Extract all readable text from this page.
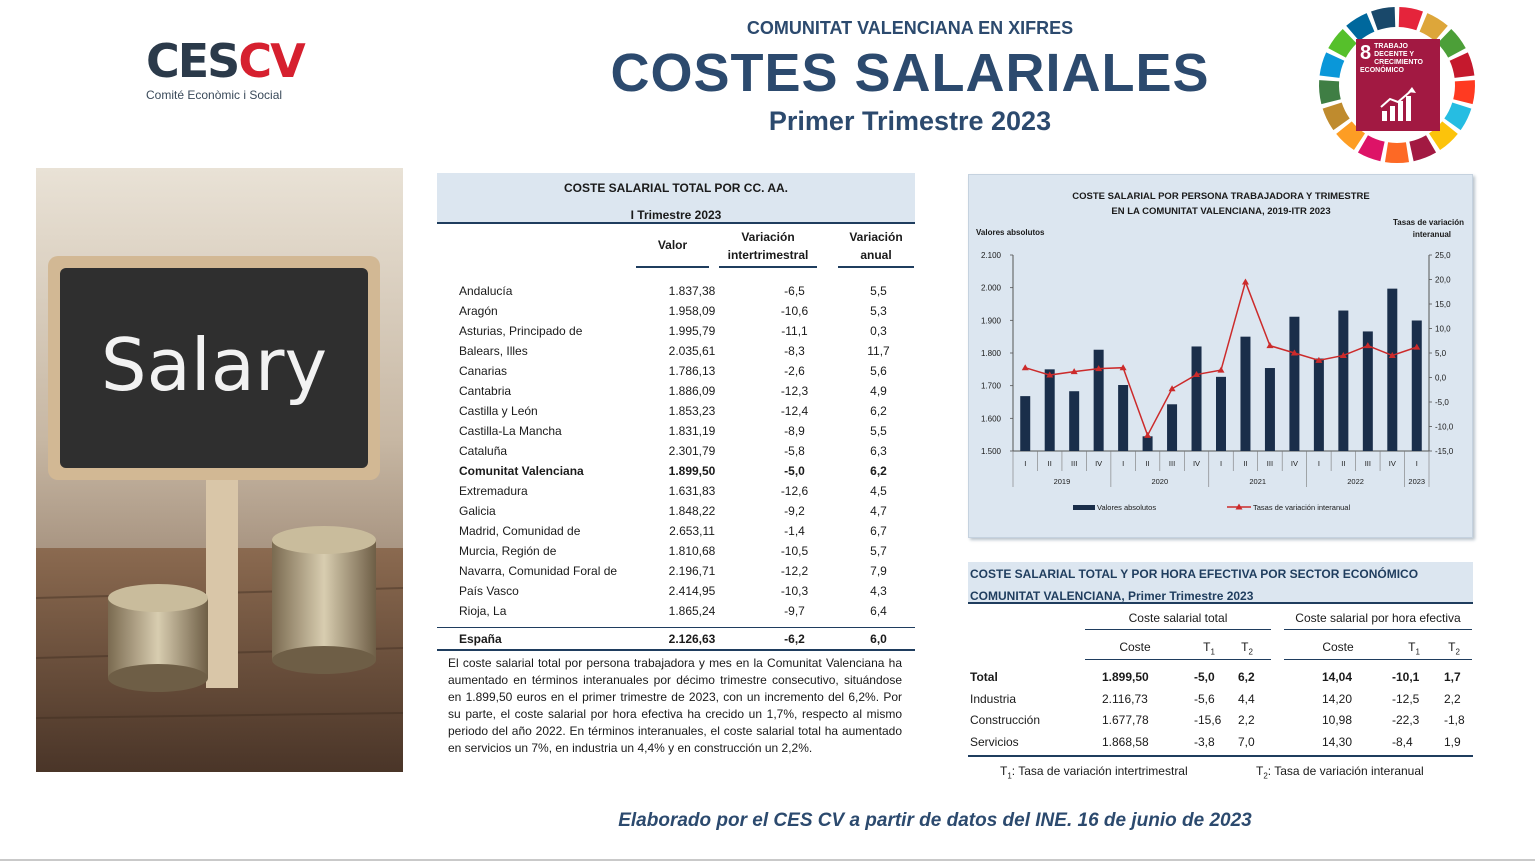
CESCV
Comité Econòmic i Social
COMUNITAT VALENCIANA EN XIFRES
COSTES SALARIALES
Primer Trimestre 2023
8 TRABAJO DECENTE Y CRECIMIENTO ECONÓMICO
Salary
COSTE SALARIAL TOTAL POR CC. AA.
I Trimestre 2023
Valor
Variación
intertrimestral
Variación
anual
Andalucía	1.837,38	-6,5	5,5
Aragón	1.958,09	-10,6	5,3
Asturias, Principado de	1.995,79	-11,1	0,3
Balears, Illes	2.035,61	-8,3	11,7
Canarias	1.786,13	-2,6	5,6
Cantabria	1.886,09	-12,3	4,9
Castilla y León	1.853,23	-12,4	6,2
Castilla-La Mancha	1.831,19	-8,9	5,5
Cataluña	2.301,79	-5,8	6,3
Comunitat Valenciana	1.899,50	-5,0	6,2
Extremadura	1.631,83	-12,6	4,5
Galicia	1.848,22	-9,2	4,7
Madrid, Comunidad de	2.653,11	-1,4	6,7
Murcia, Región de	1.810,68	-10,5	5,7
Navarra, Comunidad Foral de	2.196,71	-12,2	7,9
País Vasco	2.414,95	-10,3	4,3
Rioja, La	1.865,24	-9,7	6,4
España	2.126,63	-6,2	6,0
El coste salarial total por persona trabajadora y mes en la Comunitat Valenciana ha aumentado en términos interanuales por décimo trimestre consecutivo, situándose en 1.899,50 euros en el primer trimestre de 2023, con un incremento del 6,2%. Por su parte, el coste salarial por hora efectiva ha crecido un 1,7%, respecto al mismo periodo del año 2022. En términos interanuales, el coste salarial total ha aumentado en servicios un 7%, en industria un 4,4% y en construcción un 2,2%.
COSTE SALARIAL POR PERSONA TRABAJADORA Y TRIMESTRE
EN LA COMUNITAT VALENCIANA, 2019-ITR 2023
Valores absolutos
Tasas de variación
interanual
1.500
1.600
1.700
1.800
1.900
2.000
2.100
-15,0
-10,0
-5,0
0,0
5,0
10,0
15,0
20,0
25,0
I	II	III IV	I	II	III IV	I	II	III IV	I	II	III IV	I
2019	2020	2021	2022	2023
Valores absolutos	Tasas de variación interanual
COSTE SALARIAL TOTAL Y POR HORA EFECTIVA POR SECTOR ECONÓMICO
COMUNITAT VALENCIANA, Primer Trimestre 2023
Coste salarial total	Coste salarial por hora efectiva
Coste	$T_1$	$T_2$	Coste	$T_1$	$T_2$
Total	1.899,50	-5,0 6,2	14,04	-10,1 1,7
Industria	2.116,73	-5,6 4,4	14,20	-12,5 2,2
Construcción	1.677,78	-15,6 2,2	10,98	-22,3 -1,8
Servicios	1.868,58	-3,8 7,0	14,30	-8,4	1,9
$T_1$: Tasa de variación intertrimestral	$T_2$: Tasa de variación interanual
Elaborado por el CES CV a partir de datos del INE. 16 de junio de 2023
